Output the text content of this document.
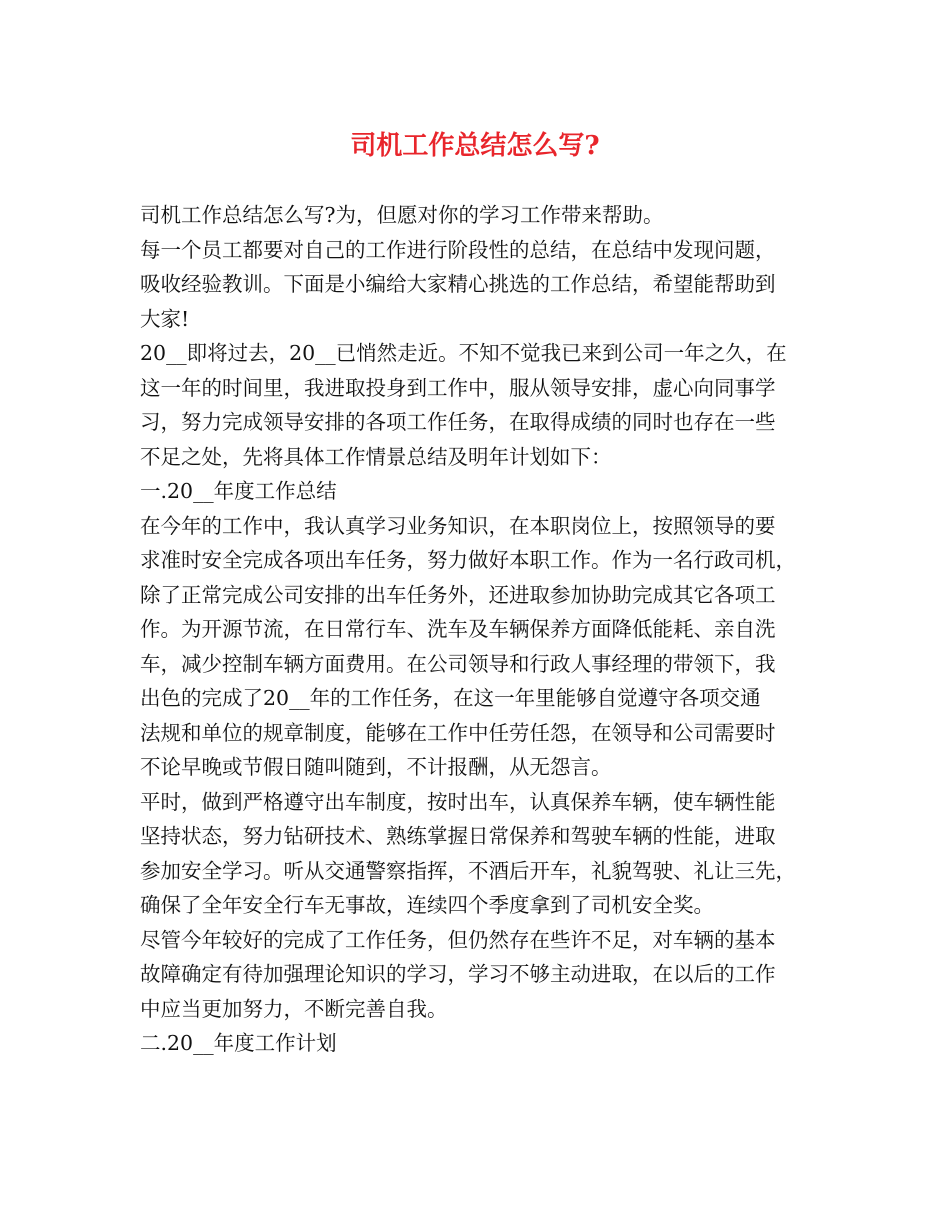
司机工作总结怎么写?
司机工作总结怎么写?为，但愿对你的学习工作带来帮助。
每一个员工都要对自己的工作进行阶段性的总结，在总结中发现问题，
吸收经验教训。下面是小编给大家精心挑选的工作总结，希望能帮助到
大家!
20__即将过去，20__已悄然走近。不知不觉我已来到公司一年之久，在
这一年的时间里，我进取投身到工作中，服从领导安排，虚心向同事学
习，努力完成领导安排的各项工作任务，在取得成绩的同时也存在一些
不足之处，先将具体工作情景总结及明年计划如下：
一.20__年度工作总结
在今年的工作中，我认真学习业务知识，在本职岗位上，按照领导的要
求准时安全完成各项出车任务，努力做好本职工作。作为一名行政司机，
除了正常完成公司安排的出车任务外，还进取参加协助完成其它各项工
作。为开源节流，在日常行车、洗车及车辆保养方面降低能耗、亲自洗
车，减少控制车辆方面费用。在公司领导和行政人事经理的带领下，我
出色的完成了20__年的工作任务，在这一年里能够自觉遵守各项交通
法规和单位的规章制度，能够在工作中任劳任怨，在领导和公司需要时
不论早晚或节假日随叫随到，不计报酬，从无怨言。
平时，做到严格遵守出车制度，按时出车，认真保养车辆，使车辆性能
坚持状态，努力钻研技术、熟练掌握日常保养和驾驶车辆的性能，进取
参加安全学习。听从交通警察指挥，不酒后开车，礼貌驾驶、礼让三先，
确保了全年安全行车无事故，连续四个季度拿到了司机安全奖。
尽管今年较好的完成了工作任务，但仍然存在些许不足，对车辆的基本
故障确定有待加强理论知识的学习，学习不够主动进取，在以后的工作
中应当更加努力，不断完善自我。
二.20__年度工作计划
